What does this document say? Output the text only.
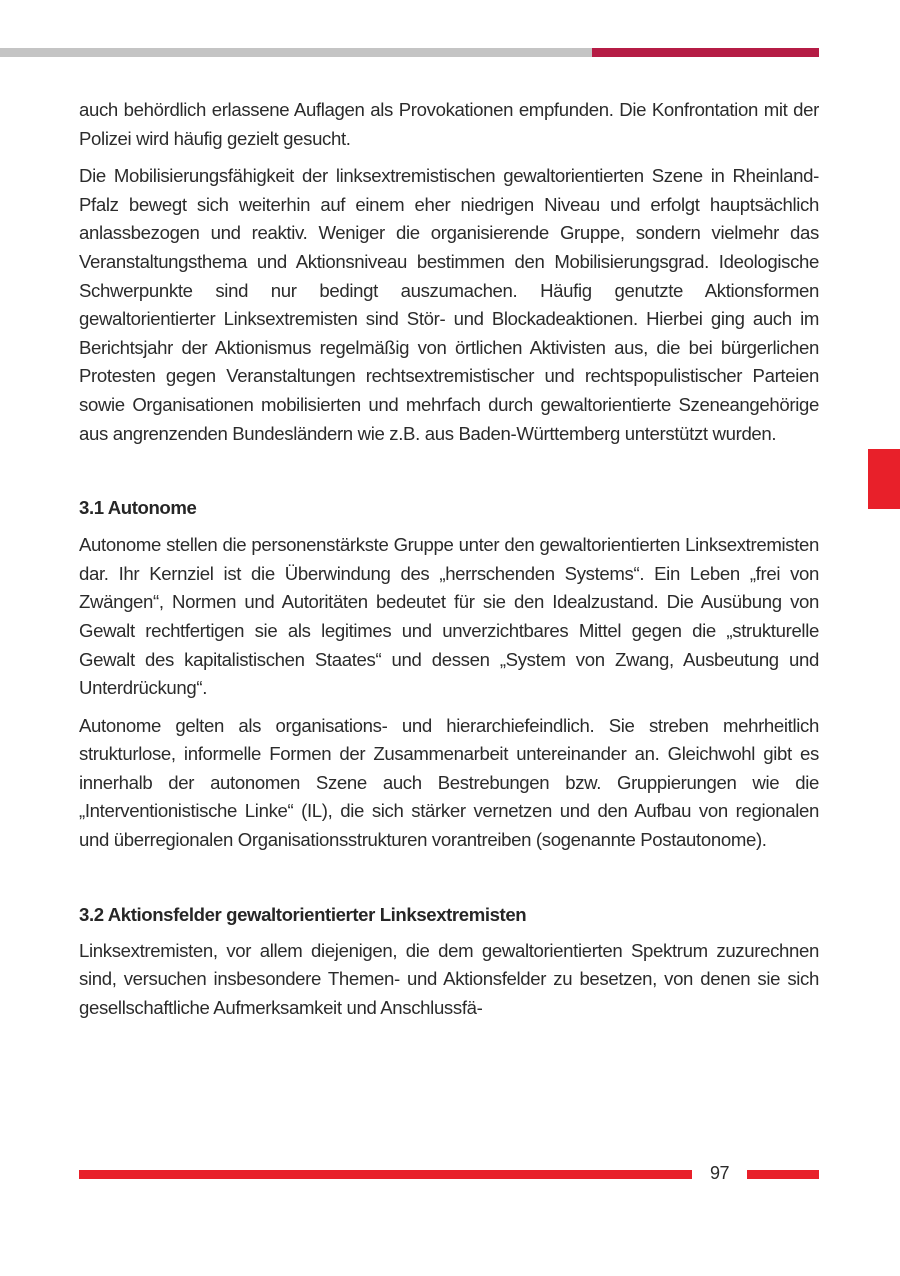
auch behördlich erlassene Auflagen als Provokationen empfunden. Die Konfrontation mit der Polizei wird häufig gezielt gesucht.

Die Mobilisierungsfähigkeit der linksextremistischen gewaltorientierten Szene in Rheinland-Pfalz bewegt sich weiterhin auf einem eher niedrigen Niveau und erfolgt hauptsächlich anlassbezogen und reaktiv. Weniger die organisierende Gruppe, sondern vielmehr das Veranstaltungsthema und Aktionsniveau bestimmen den Mobilisierungsgrad. Ideologische Schwerpunkte sind nur bedingt auszumachen. Häufig genutzte Aktionsformen gewaltorientierter Linksextremisten sind Stör- und Blockadeaktionen. Hierbei ging auch im Berichtsjahr der Aktionismus regelmäßig von örtlichen Aktivisten aus, die bei bürgerlichen Protesten gegen Veranstaltungen rechtsextremistischer und rechtspopulistischer Parteien sowie Organisationen mobilisierten und mehrfach durch gewaltorientierte Szeneangehörige aus angrenzenden Bundesländern wie z.B. aus Baden-Württemberg unterstützt wurden.

3.1 Autonome

Autonome stellen die personenstärkste Gruppe unter den gewaltorientierten Linksextremisten dar. Ihr Kernziel ist die Überwindung des „herrschenden Systems“. Ein Leben „frei von Zwängen“, Normen und Autoritäten bedeutet für sie den Idealzustand. Die Ausübung von Gewalt rechtfertigen sie als legitimes und unverzichtbares Mittel gegen die „strukturelle Gewalt des kapitalistischen Staates“ und dessen „System von Zwang, Ausbeutung und Unterdrückung“.

Autonome gelten als organisations- und hierarchiefeindlich. Sie streben mehrheitlich strukturlose, informelle Formen der Zusammenarbeit untereinander an. Gleichwohl gibt es innerhalb der autonomen Szene auch Bestrebungen bzw. Gruppierungen wie die „Interventionistische Linke“ (IL), die sich stärker vernetzen und den Aufbau von regionalen und überregionalen Organisationsstrukturen vorantreiben (sogenannte Postautonome).

3.2 Aktionsfelder gewaltorientierter Linksextremisten

Linksextremisten, vor allem diejenigen, die dem gewaltorientierten Spektrum zuzurechnen sind, versuchen insbesondere Themen- und Aktionsfelder zu besetzen, von denen sie sich gesellschaftliche Aufmerksamkeit und Anschlussfä-

97
